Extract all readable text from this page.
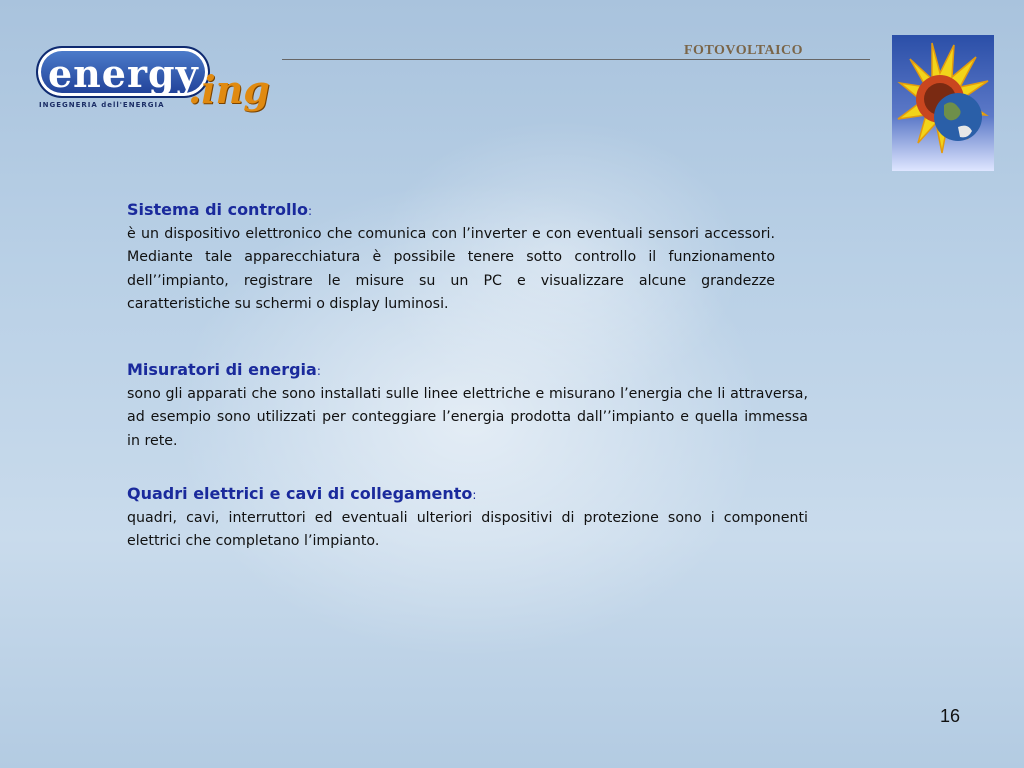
energy
.ing
INGEGNERIA dell'ENERGIA
FOTOVOLTAICO
Sistema di controllo:
è un dispositivo elettronico che comunica con l’inverter e con eventuali sensori accessori. Mediante tale apparecchiatura è possibile tenere sotto controllo il funzionamento dell’’impianto, registrare le misure su un PC e visualizzare alcune grandezze caratteristiche su schermi o display luminosi.
Misuratori di energia:
sono gli apparati che sono installati sulle linee elettriche e misurano l’energia che li attraversa, ad esempio sono utilizzati per conteggiare l’energia prodotta dall’’impianto e quella immessa in rete.
Quadri elettrici e cavi di collegamento:
quadri, cavi, interruttori ed eventuali ulteriori dispositivi di protezione sono i componenti elettrici che completano l’impianto.
16
